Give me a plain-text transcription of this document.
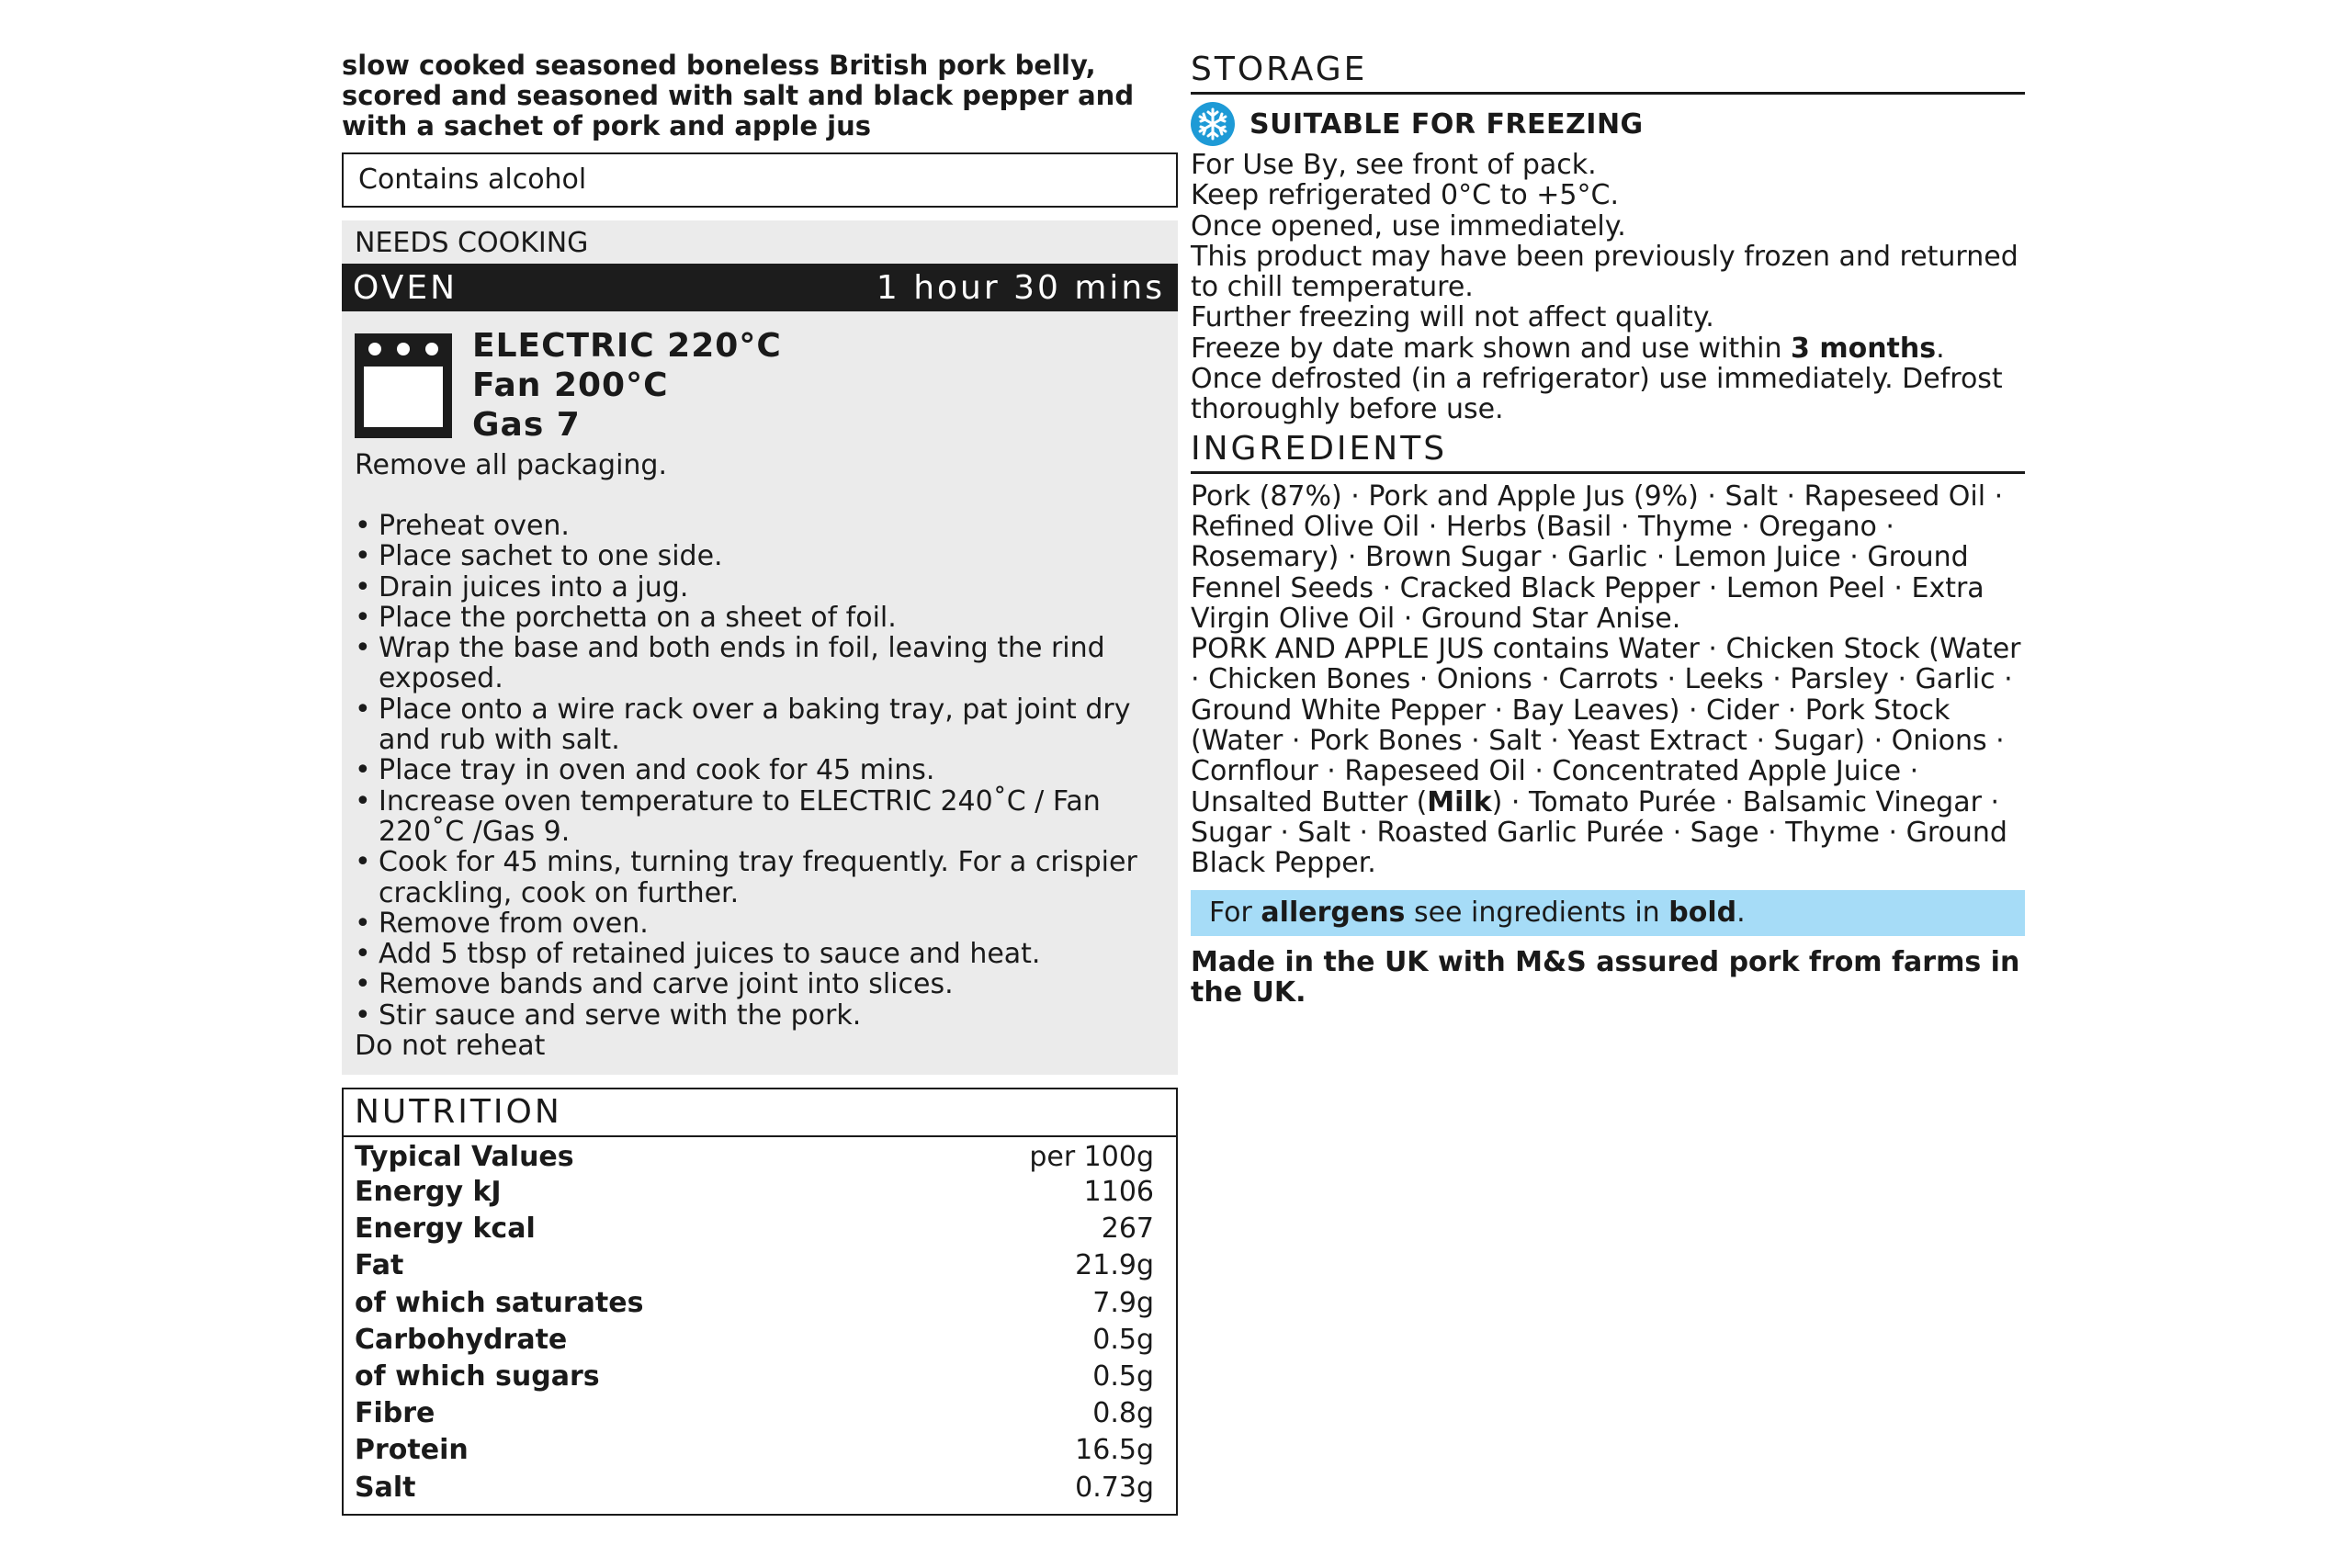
slow cooked seasoned boneless British pork belly, scored and seasoned with salt and black pepper and with a sachet of pork and apple jus

Contains alcohol
NEEDS COOKING
OVEN	1 hour 30 mins
ELECTRIC 220°C
Fan 200°C
Gas 7
Remove all packaging.
• Preheat oven.
• Place sachet to one side.
• Drain juices into a jug.
• Place the porchetta on a sheet of foil.
• Wrap the base and both ends in foil, leaving the rind exposed.
• Place onto a wire rack over a baking tray, pat joint dry and rub with salt.
• Place tray in oven and cook for 45 mins.
• Increase oven temperature to ELECTRIC 240˚C / Fan 220˚C /Gas 9.
• Cook for 45 mins, turning tray frequently. For a crispier crackling, cook on further.
• Remove from oven.
• Add 5 tbsp of retained juices to sauce and heat.
• Remove bands and carve joint into slices.
• Stir sauce and serve with the pork.
Do not reheat
NUTRITION
Typical Values	per 100g
Energy kJ	1106
Energy kcal	267
Fat	21.9g
of which saturates	7.9g
Carbohydrate	0.5g
of which sugars	0.5g
Fibre	0.8g
Protein	16.5g
Salt	0.73g
STORAGE
SUITABLE FOR FREEZING

For Use By, see front of pack.

Keep refrigerated 0°C to +5°C.

Once opened, use immediately.

This product may have been previously frozen and returned to chill temperature.

Further freezing will not affect quality.

Freeze by date mark shown and use within 3 months.

Once defrosted (in a refrigerator) use immediately. Defrost thoroughly before use.

INGREDIENTS

Pork (87%) · Pork and Apple Jus (9%) · Salt · Rapeseed Oil · Refined Olive Oil · Herbs (Basil · Thyme · Oregano · Rosemary) · Brown Sugar · Garlic · Lemon Juice · Ground Fennel Seeds · Cracked Black Pepper · Lemon Peel · Extra Virgin Olive Oil · Ground Star Anise.
PORK AND APPLE JUS contains Water · Chicken Stock (Water · Chicken Bones · Onions · Carrots · Leeks · Parsley · Garlic · Ground White Pepper · Bay Leaves) · Cider · Pork Stock (Water · Pork Bones · Salt · Yeast Extract · Sugar) · Onions · Cornflour · Rapeseed Oil · Concentrated Apple Juice · Unsalted Butter (Milk) · Tomato Purée · Balsamic Vinegar · Sugar · Salt · Roasted Garlic Purée · Sage · Thyme · Ground Black Pepper.

For allergens see ingredients in bold.
Made in the UK with M&S assured pork from farms in the UK.
